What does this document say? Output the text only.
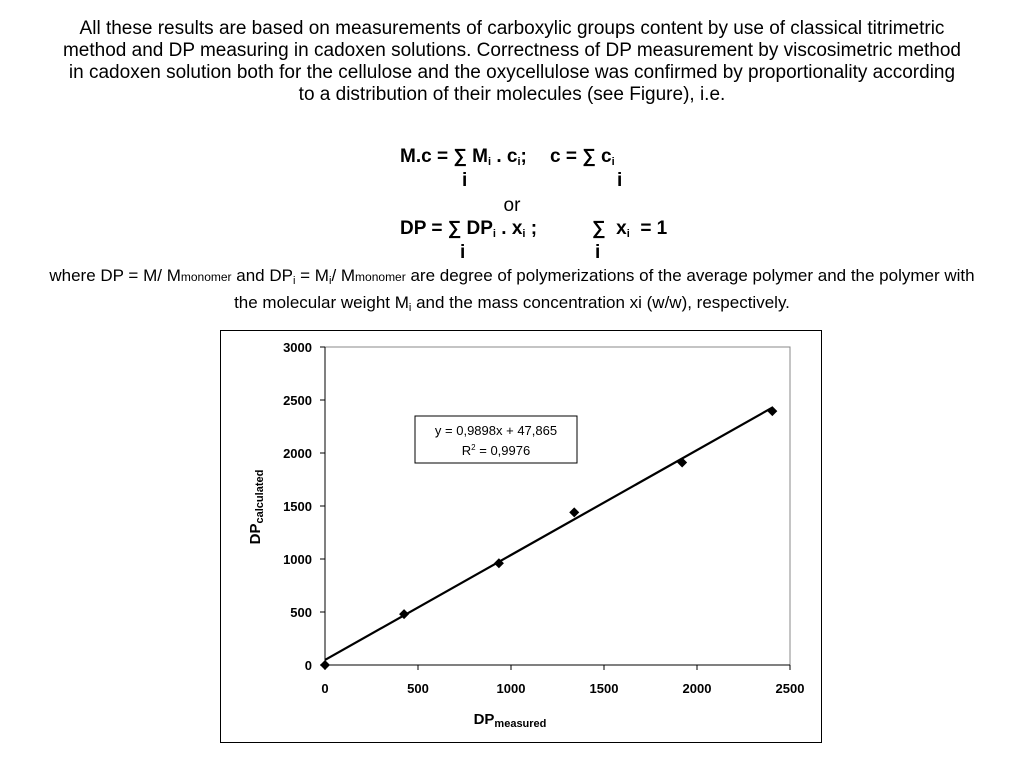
All these results are based on measurements of carboxylic groups content by use of classical titrimetric method and DP measuring in cadoxen solutions. Correctness of DP measurement by viscosimetric method in cadoxen solution both for the cellulose and the oxycellulose was confirmed by proportionality according to a distribution of their molecules (see Figure), i.e.
M.c = ∑ $M_i$ . $c_i$; c = ∑ $c_i$
i	i
or
DP = ∑ $DP_i$ . $x_i$ ;	∑ $x_i = 1$
i	i
where DP = M/ Mmonomer and $DP_i = M_i/$ Mmonomer are degree of polymerizations of the average polymer and the polymer with the molecular weight $M_i$ and the mass concentration xi (w/w), respectively.
0	500	1000	1500	2000	2500
0
500
1000
1500
2000
2500
3000
y = 0,9898x + 47,865
$R^2 = 0,9976$
$DP_{measured}$
$DP_{calculated}$
